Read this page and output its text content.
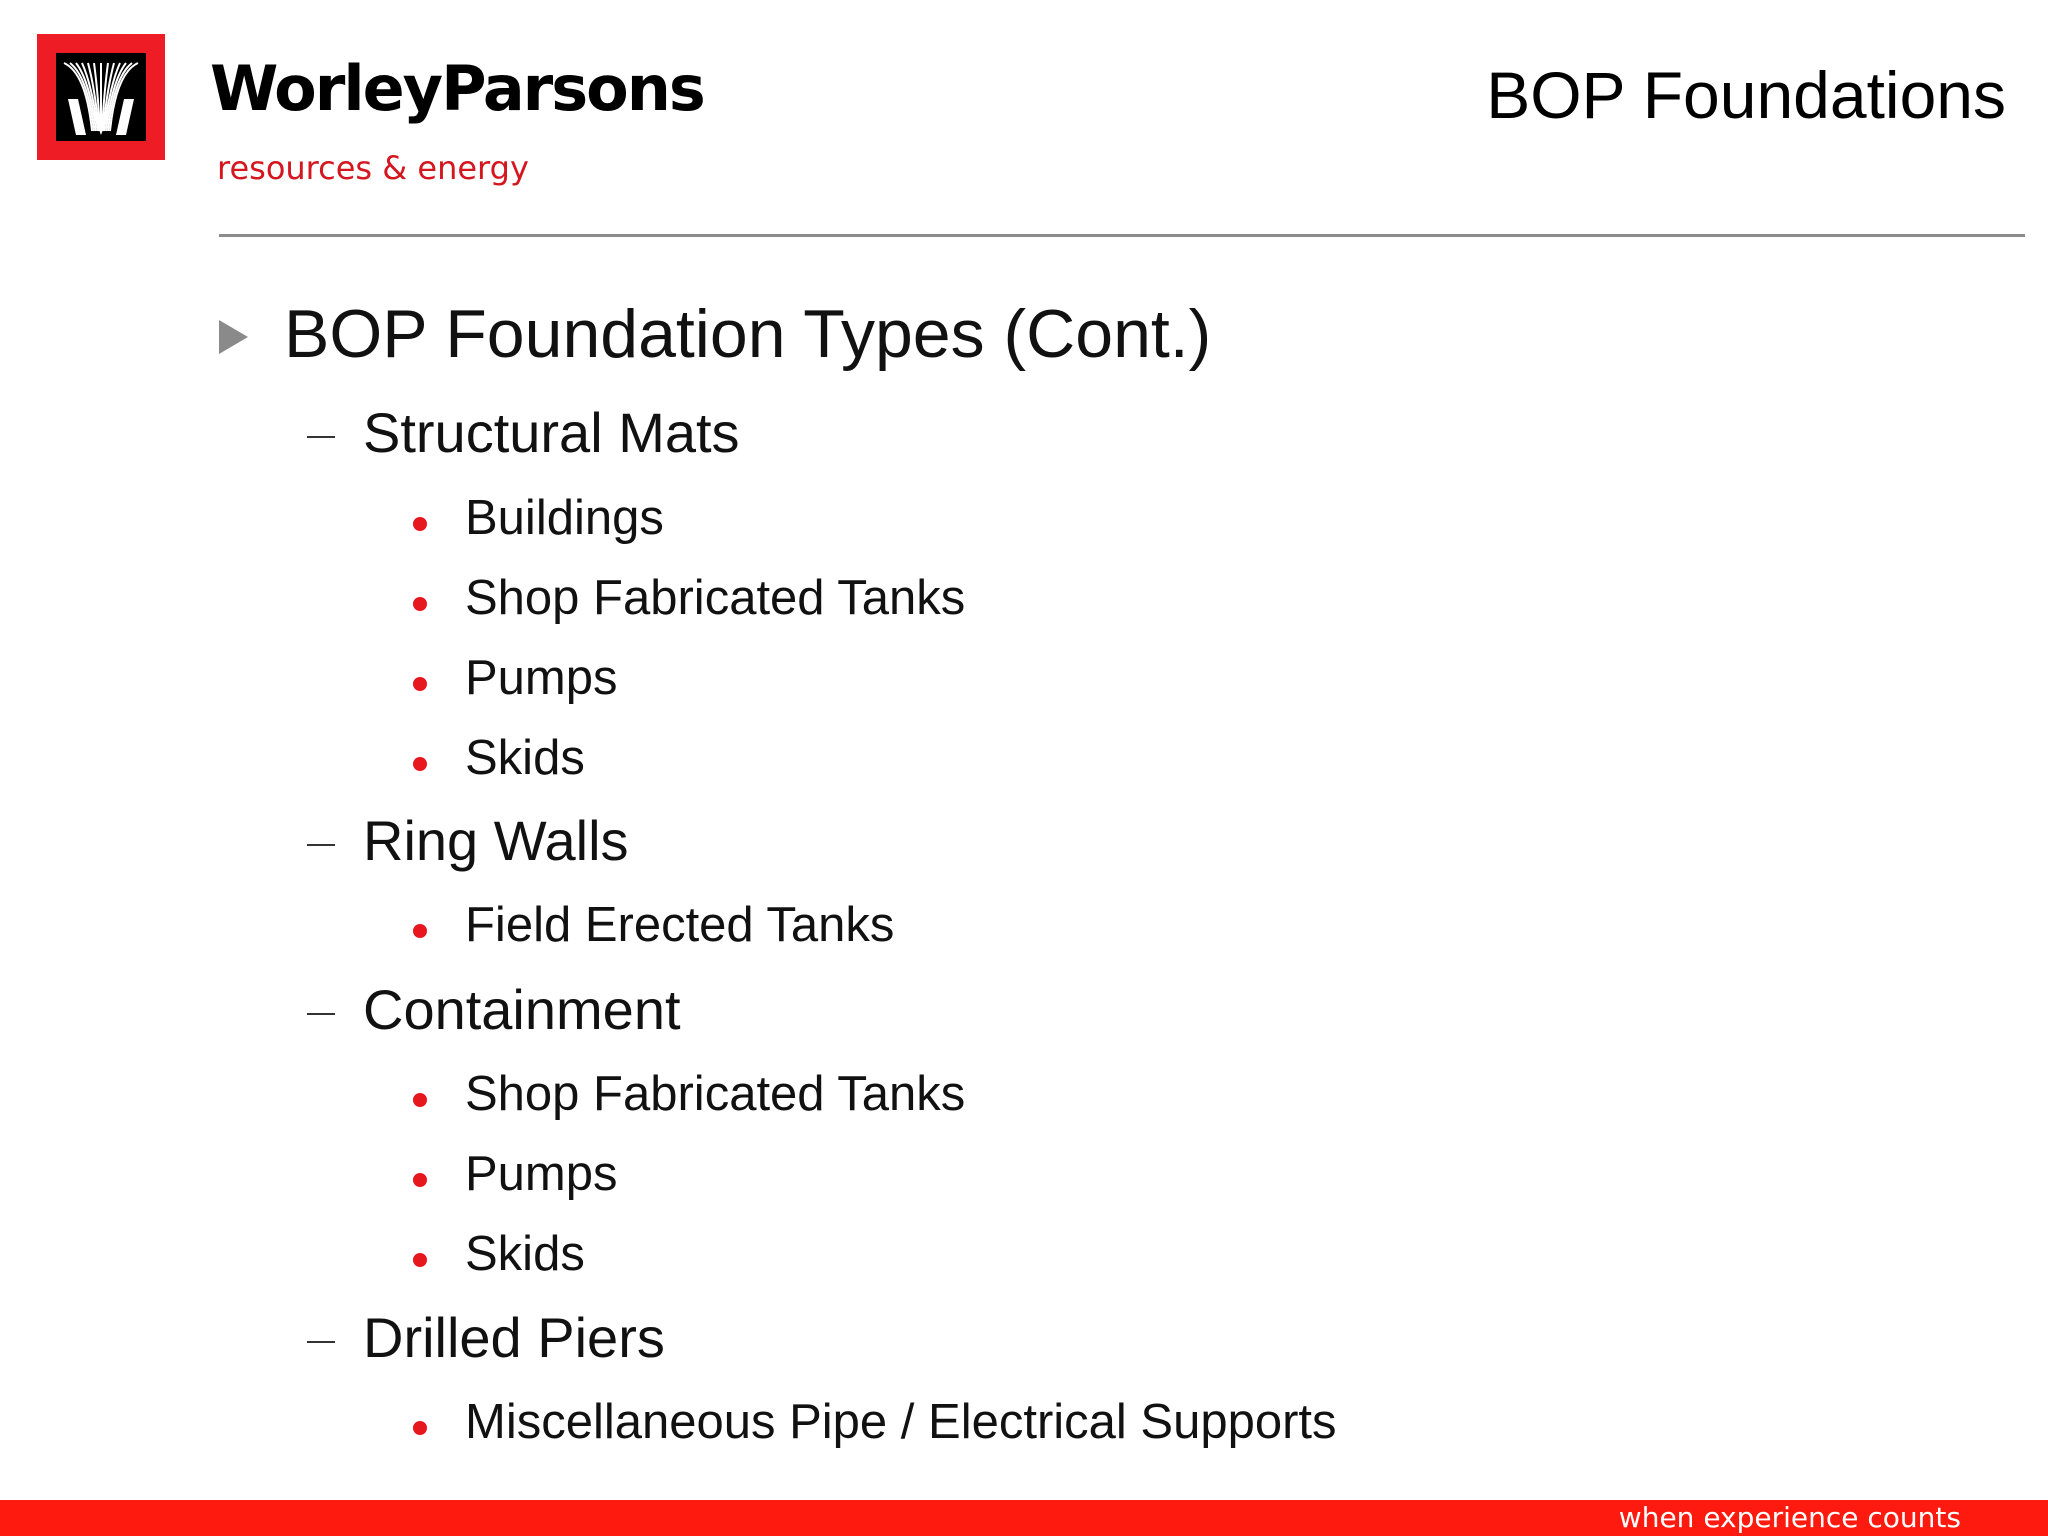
WorleyParsons
resources & energy
BOP Foundations
BOP Foundation Types (Cont.)
Structural Mats
Buildings
Shop Fabricated Tanks
Pumps
Skids
Ring Walls
Field Erected Tanks
Containment
Shop Fabricated Tanks
Pumps
Skids
Drilled Piers
Miscellaneous Pipe / Electrical Supports
when experience counts
